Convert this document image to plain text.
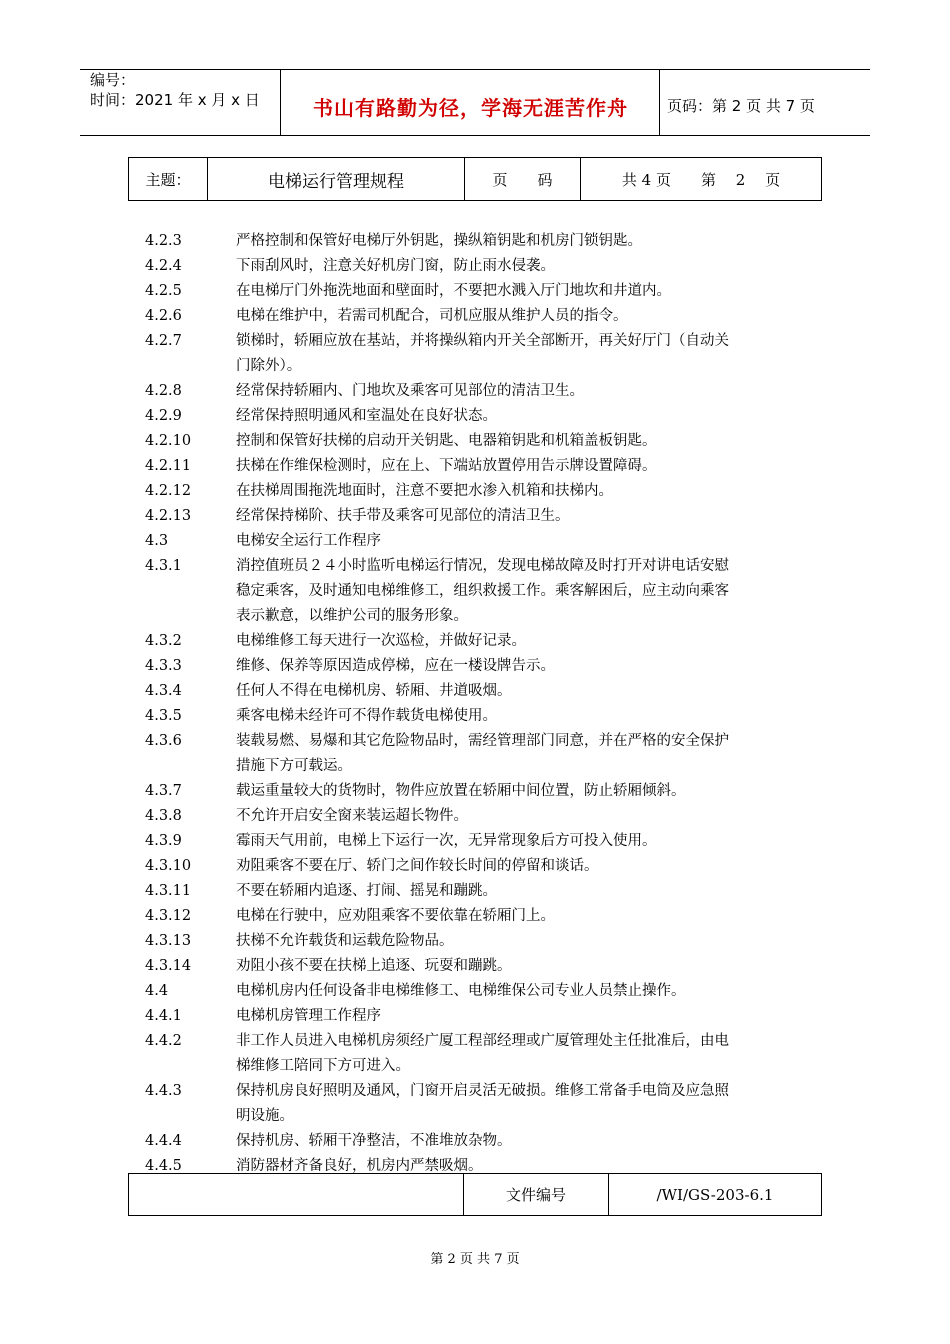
编号：
时间：2021 年 x 月 x 日	书山有路勤为径，学海无涯苦作舟	页码：第 2 页 共 7 页
主题：	电梯运行管理规程	页　　码	共 4 页　　第　 2　 页
4.2.3	严格控制和保管好电梯厅外钥匙，操纵箱钥匙和机房门锁钥匙。
4.2.4	下雨刮风时，注意关好机房门窗，防止雨水侵袭。
4.2.5	在电梯厅门外拖洗地面和壁面时，不要把水溅入厅门地坎和井道内。
4.2.6	电梯在维护中，若需司机配合，司机应服从维护人员的指令。
4.2.7	锁梯时，轿厢应放在基站，并将操纵箱内开关全部断开，再关好厅门（自动关
门除外）。
4.2.8	经常保持轿厢内、门地坎及乘客可见部位的清洁卫生。
4.2.9	经常保持照明通风和室温处在良好状态。
4.2.10	控制和保管好扶梯的启动开关钥匙、电器箱钥匙和机箱盖板钥匙。
4.2.11	扶梯在作维保检测时，应在上、下端站放置停用告示牌设置障碍。
4.2.12	在扶梯周围拖洗地面时，注意不要把水渗入机箱和扶梯内。
4.2.13	经常保持梯阶、扶手带及乘客可见部位的清洁卫生。
4.3	电梯安全运行工作程序
4.3.1	消控值班员２４小时监听电梯运行情况，发现电梯故障及时打开对讲电话安慰
稳定乘客，及时通知电梯维修工，组织救援工作。乘客解困后，应主动向乘客
表示歉意，以维护公司的服务形象。
4.3.2	电梯维修工每天进行一次巡检，并做好记录。
4.3.3	维修、保养等原因造成停梯，应在一楼设牌告示。
4.3.4	任何人不得在电梯机房、轿厢、井道吸烟。
4.3.5	乘客电梯未经许可不得作载货电梯使用。
4.3.6	装载易燃、易爆和其它危险物品时，需经管理部门同意，并在严格的安全保护
措施下方可载运。
4.3.7	载运重量较大的货物时，物件应放置在轿厢中间位置，防止轿厢倾斜。
4.3.8	不允许开启安全窗来装运超长物件。
4.3.9	霉雨天气用前，电梯上下运行一次，无异常现象后方可投入使用。
4.3.10	劝阻乘客不要在厅、轿门之间作较长时间的停留和谈话。
4.3.11	不要在轿厢内追逐、打闹、摇晃和蹦跳。
4.3.12	电梯在行驶中，应劝阻乘客不要依靠在轿厢门上。
4.3.13	扶梯不允许载货和运载危险物品。
4.3.14	劝阻小孩不要在扶梯上追逐、玩耍和蹦跳。
4.4	电梯机房内任何设备非电梯维修工、电梯维保公司专业人员禁止操作。
4.4.1	电梯机房管理工作程序
4.4.2	非工作人员进入电梯机房须经广厦工程部经理或广厦管理处主任批准后，由电
梯维修工陪同下方可进入。
4.4.3	保持机房良好照明及通风，门窗开启灵活无破损。维修工常备手电筒及应急照
明设施。
4.4.4	保持机房、轿厢干净整洁，不准堆放杂物。
4.4.5	消防器材齐备良好，机房内严禁吸烟。
	文件编号	/WI/GS-203-6.1
第 2 页 共 7 页
